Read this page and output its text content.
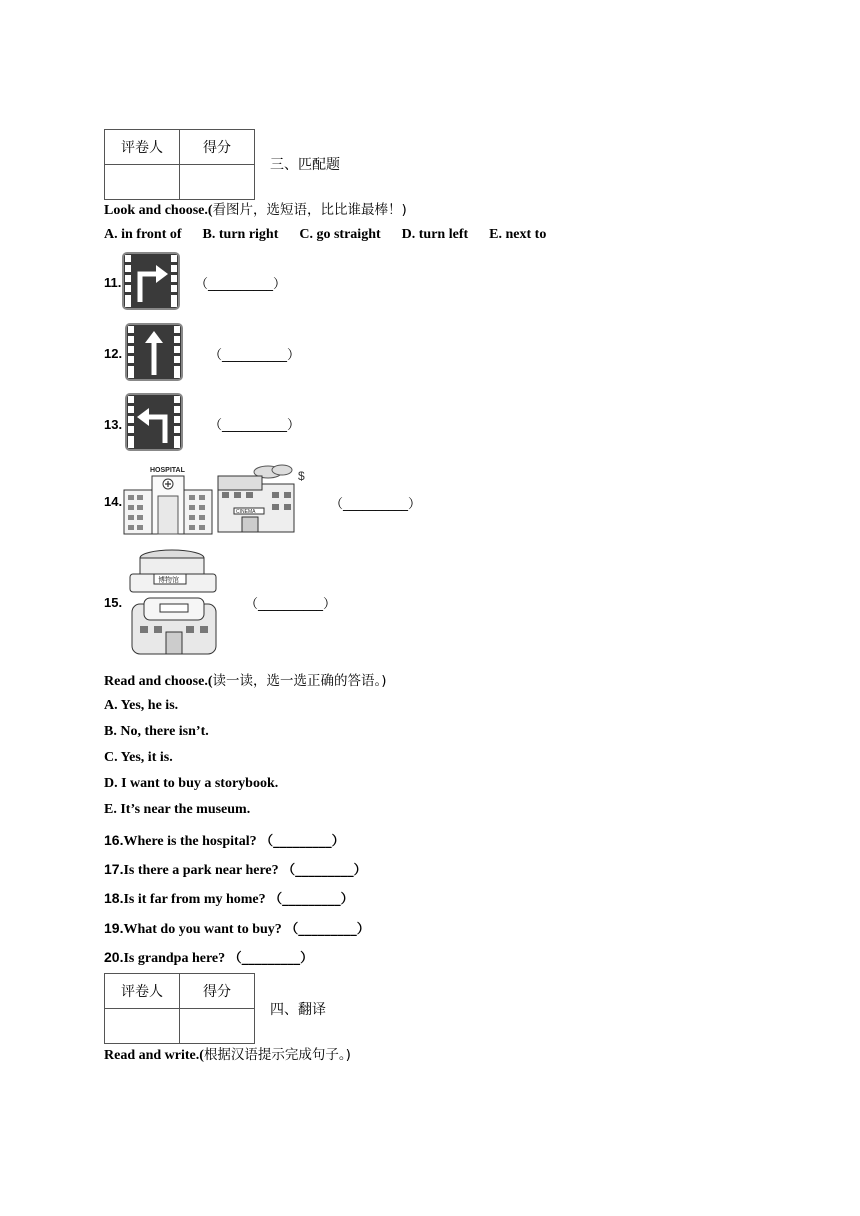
评卷人	得分

三、匹配题
Look and choose.(看图片，选短语，比比谁最棒！)
A. in front of B. turn right C. go straight D. turn left E. next to
11.	（__________）
12.	（__________）
13.	（__________）
14.
HOSPITAL	$
CINEMA	（__________）
15.
博物馆
（__________）
Read and choose.(读一读，选一选正确的答语。)
A. Yes, he is.
B. No, there isn’t.
C. Yes, it is.
D. I want to buy a storybook.
E. It’s near the museum.
16.Where is the hospital? （_________）
17.Is there a park near here? （_________）
18.Is it far from my home? （_________）
19.What do you want to buy? （_________）
20.Is grandpa here? （_________）
评卷人	得分

四、翻译
Read and write.(根据汉语提示完成句子。)
